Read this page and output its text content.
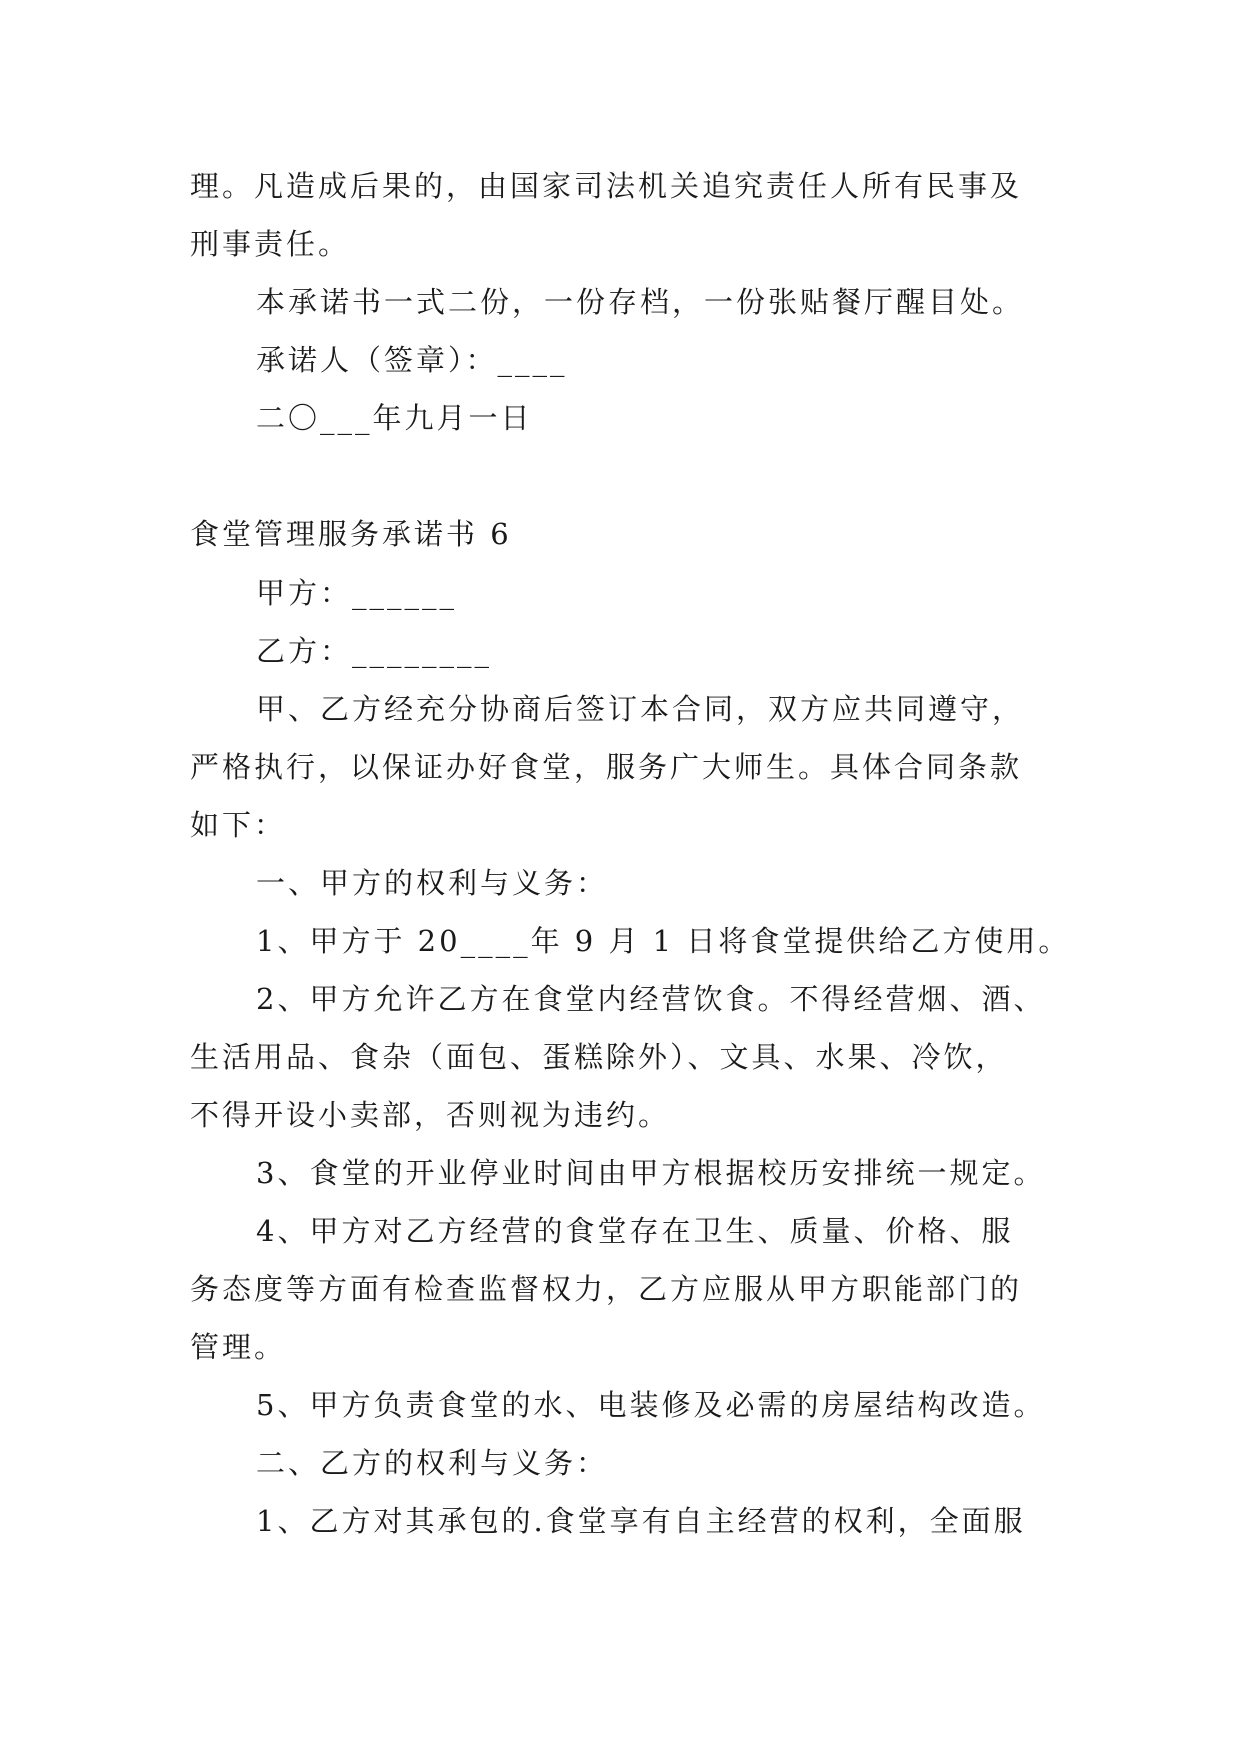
理。凡造成后果的，由国家司法机关追究责任人所有民事及
刑事责任。
本承诺书一式二份，一份存档，一份张贴餐厅醒目处。
承诺人（签章）：____
二〇___年九月一日
食堂管理服务承诺书 6
甲方：______
乙方：________
甲、乙方经充分协商后签订本合同，双方应共同遵守，
严格执行，以保证办好食堂，服务广大师生。具体合同条款
如下：
一、甲方的权利与义务：
1、甲方于 20____年 9 月 1 日将食堂提供给乙方使用。
2、甲方允许乙方在食堂内经营饮食。不得经营烟、酒、
生活用品、食杂（面包、蛋糕除外）、文具、水果、冷饮，
不得开设小卖部，否则视为违约。
3、食堂的开业停业时间由甲方根据校历安排统一规定。
4、甲方对乙方经营的食堂存在卫生、质量、价格、服
务态度等方面有检查监督权力，乙方应服从甲方职能部门的
管理。
5、甲方负责食堂的水、电装修及必需的房屋结构改造。
二、乙方的权利与义务：
1、乙方对其承包的.食堂享有自主经营的权利，全面服
